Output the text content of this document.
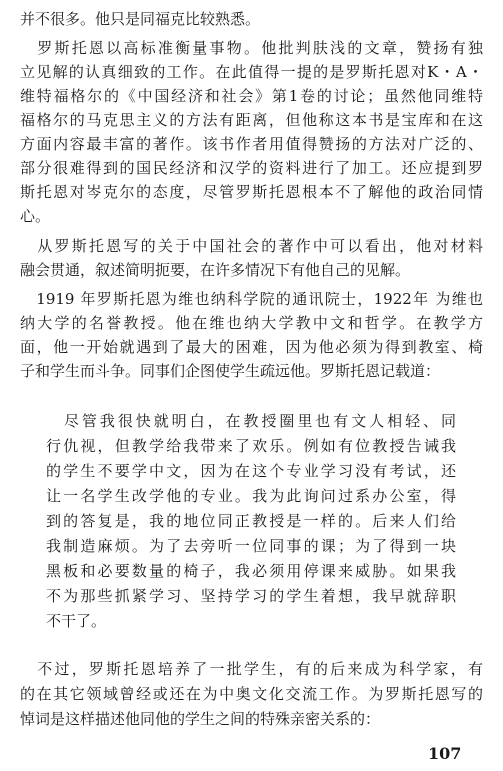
并不很多。他只是同福克比较熟悉。
　罗斯托恩以高标准衡量事物。他批判肤浅的文章，赞扬有独
立见解的认真细致的工作。在此值得一提的是罗斯托恩对K・A・
维特福格尔的《中国经济和社会》第1卷的讨论；虽然他同维特
福格尔的马克思主义的方法有距离，但他称这本书是宝库和在这
方面内容最丰富的著作。该书作者用值得赞扬的方法对广泛的、
部分很难得到的国民经济和汉学的资料进行了加工。还应提到罗
斯托恩对岑克尔的态度，尽管罗斯托恩根本不了解他的政治同情
心。
　从罗斯托恩写的关于中国社会的著作中可以看出，他对材料
融会贯通，叙述简明扼要，在许多情况下有他自己的见解。
　1919 年罗斯托恩为维也纳科学院的通讯院士，1922年 为维也
纳大学的名誉教授。他在维也纳大学教中文和哲学。在教学方
面，他一开始就遇到了最大的困难，因为他必须为得到教室、椅
子和学生而斗争。同事们企图使学生疏远他。罗斯托恩记载道：
　尽管我很快就明白，在教授圈里也有文人相轻、同
行仇视，但教学给我带来了欢乐。例如有位教授告诫我
的学生不要学中文，因为在这个专业学习没有考试，还
让一名学生改学他的专业。我为此询问过系办公室，得
到的答复是，我的地位同正教授是一样的。后来人们给
我制造麻烦。为了去旁听一位同事的课；为了得到一块
黑板和必要数量的椅子，我必须用停课来威胁。如果我
不为那些抓紧学习、坚持学习的学生着想，我早就辞职
不干了。
　不过，罗斯托恩培养了一批学生，有的后来成为科学家，有
的在其它领域曾经或还在为中奥文化交流工作。为罗斯托恩写的
悼词是这样描述他同他的学生之间的特殊亲密关系的：
107
